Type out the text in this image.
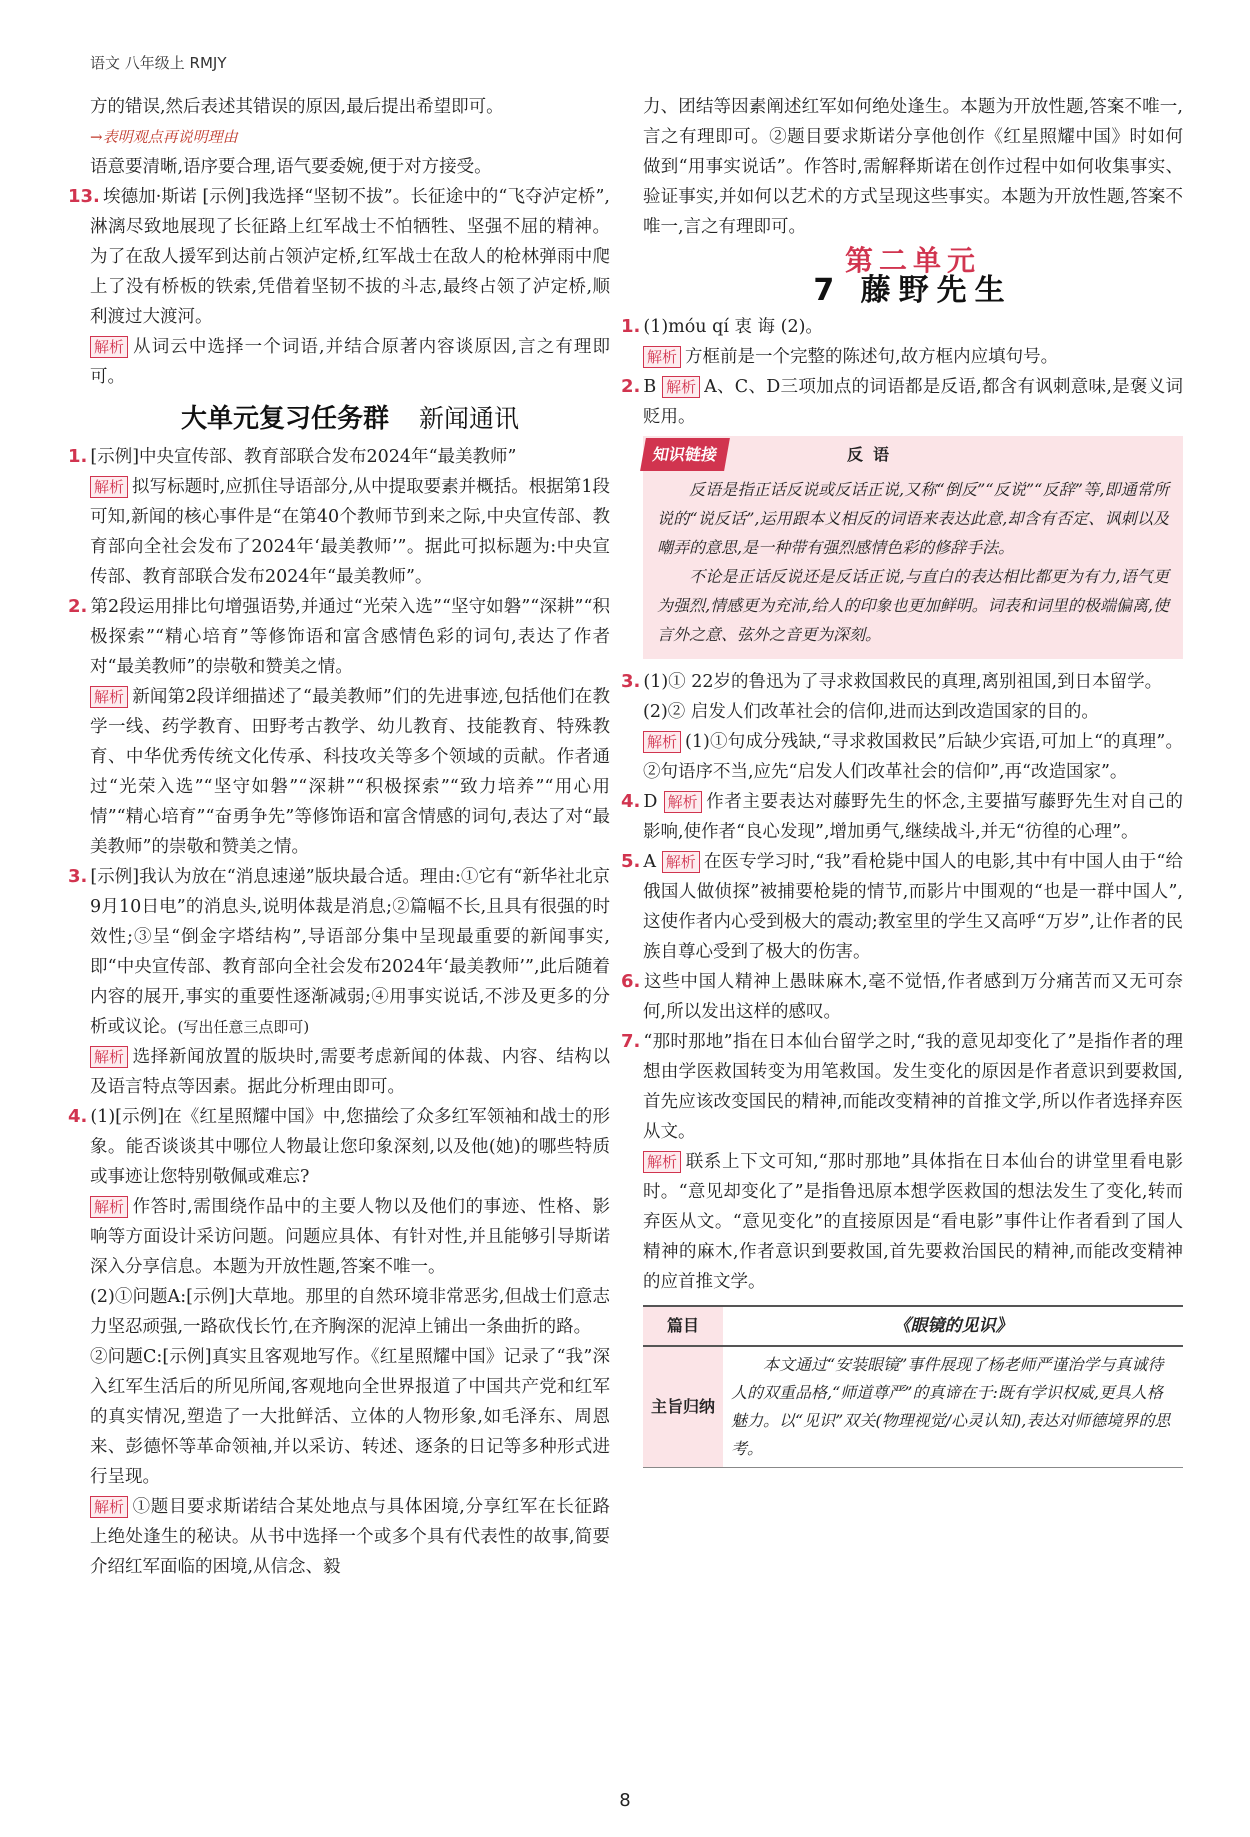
语文 八年级上 RMJY

方的错误,然后表述其错误的原因,最后提出希望即可。

→表明观点再说明理由

语意要清晰,语序要合理,语气要委婉,便于对方接受。

13. 埃德加·斯诺 [示例]我选择“坚韧不拔”。长征途中的“飞夺泸定桥”,淋漓尽致地展现了长征路上红军战士不怕牺牲、坚强不屈的精神。为了在敌人援军到达前占领泸定桥,红军战士在敌人的枪林弹雨中爬上了没有桥板的铁索,凭借着坚韧不拔的斗志,最终占领了泸定桥,顺利渡过大渡河。

解析 从词云中选择一个词语,并结合原著内容谈原因,言之有理即可。

大单元复习任务群 新闻通讯

1. [示例]中央宣传部、教育部联合发布2024年“最美教师”

解析 拟写标题时,应抓住导语部分,从中提取要素并概括。根据第1段可知,新闻的核心事件是“在第40个教师节到来之际,中央宣传部、教育部向全社会发布了2024年‘最美教师’”。据此可拟标题为:中央宣传部、教育部联合发布2024年“最美教师”。

2. 第2段运用排比句增强语势,并通过“光荣入选”“坚守如磐”“深耕”“积极探索”“精心培育”等修饰语和富含感情色彩的词句,表达了作者对“最美教师”的崇敬和赞美之情。

解析 新闻第2段详细描述了“最美教师”们的先进事迹,包括他们在教学一线、药学教育、田野考古教学、幼儿教育、技能教育、特殊教育、中华优秀传统文化传承、科技攻关等多个领域的贡献。作者通过“光荣入选”“坚守如磐”“深耕”“积极探索”“致力培养”“用心用情”“精心培育”“奋勇争先”等修饰语和富含情感的词句,表达了对“最美教师”的崇敬和赞美之情。

3. [示例]我认为放在“消息速递”版块最合适。理由:①它有“新华社北京9月10日电”的消息头,说明体裁是消息;②篇幅不长,且具有很强的时效性;③呈“倒金字塔结构”,导语部分集中呈现最重要的新闻事实,即“中央宣传部、教育部向全社会发布2024年‘最美教师’”,此后随着内容的展开,事实的重要性逐渐减弱;④用事实说话,不涉及更多的分析或议论。(写出任意三点即可)

解析 选择新闻放置的版块时,需要考虑新闻的体裁、内容、结构以及语言特点等因素。据此分析理由即可。

4. (1)[示例]在《红星照耀中国》中,您描绘了众多红军领袖和战士的形象。能否谈谈其中哪位人物最让您印象深刻,以及他(她)的哪些特质或事迹让您特别敬佩或难忘?

解析 作答时,需围绕作品中的主要人物以及他们的事迹、性格、影响等方面设计采访问题。问题应具体、有针对性,并且能够引导斯诺深入分享信息。本题为开放性题,答案不唯一。

(2)①问题A:[示例]大草地。那里的自然环境非常恶劣,但战士们意志力坚忍顽强,一路砍伐长竹,在齐胸深的泥淖上铺出一条曲折的路。

②问题C:[示例]真实且客观地写作。《红星照耀中国》记录了“我”深入红军生活后的所见所闻,客观地向全世界报道了中国共产党和红军的真实情况,塑造了一大批鲜活、立体的人物形象,如毛泽东、周恩来、彭德怀等革命领袖,并以采访、转述、逐条的日记等多种形式进行呈现。

解析 ①题目要求斯诺结合某处地点与具体困境,分享红军在长征路上绝处逢生的秘诀。从书中选择一个或多个具有代表性的故事,简要介绍红军面临的困境,从信念、毅

力、团结等因素阐述红军如何绝处逢生。本题为开放性题,答案不唯一,言之有理即可。②题目要求斯诺分享他创作《红星照耀中国》时如何做到“用事实说话”。作答时,需解释斯诺在创作过程中如何收集事实、验证事实,并如何以艺术的方式呈现这些事实。本题为开放性题,答案不唯一,言之有理即可。

第二单元
7 藤野先生

1. (1)móu qí 衷 诲 (2)。

解析 方框前是一个完整的陈述句,故方框内应填句号。

2. B 解析 A、C、D三项加点的词语都是反语,都含有讽刺意味,是褒义词贬用。

知识链接	反语

反语是指正话反说或反话正说,又称“倒反”“反说”“反辞”等,即通常所说的“说反话”,运用跟本义相反的词语来表达此意,却含有否定、讽刺以及嘲弄的意思,是一种带有强烈感情色彩的修辞手法。

不论是正话反说还是反话正说,与直白的表达相比都更为有力,语气更为强烈,情感更为充沛,给人的印象也更加鲜明。词表和词里的极端偏离,使言外之意、弦外之音更为深刻。

3. (1)① 22岁的鲁迅为了寻求救国救民的真理,离别祖国,到日本留学。

(2)② 启发人们改革社会的信仰,进而达到改造国家的目的。

解析 (1)①句成分残缺,“寻求救国救民”后缺少宾语,可加上“的真理”。②句语序不当,应先“启发人们改革社会的信仰”,再“改造国家”。

4. D 解析 作者主要表达对藤野先生的怀念,主要描写藤野先生对自己的影响,使作者“良心发现”,增加勇气,继续战斗,并无“彷徨的心理”。

5. A 解析 在医专学习时,“我”看枪毙中国人的电影,其中有中国人由于“给俄国人做侦探”被捕要枪毙的情节,而影片中围观的“也是一群中国人”,这使作者内心受到极大的震动;教室里的学生又高呼“万岁”,让作者的民族自尊心受到了极大的伤害。

6. 这些中国人精神上愚昧麻木,毫不觉悟,作者感到万分痛苦而又无可奈何,所以发出这样的感叹。

7. “那时那地”指在日本仙台留学之时,“我的意见却变化了”是指作者的理想由学医救国转变为用笔救国。发生变化的原因是作者意识到要救国,首先应该改变国民的精神,而能改变精神的首推文学,所以作者选择弃医从文。

解析 联系上下文可知,“那时那地”具体指在日本仙台的讲堂里看电影时。“意见却变化了”是指鲁迅原本想学医救国的想法发生了变化,转而弃医从文。“意见变化”的直接原因是“看电影”事件让作者看到了国人精神的麻木,作者意识到要救国,首先要救治国民的精神,而能改变精神的应首推文学。

篇目	《眼镜的见识》
主旨归纳	本文通过“安装眼镜”事件展现了杨老师严谨治学与真诚待人的双重品格,“师道尊严”的真谛在于:既有学识权威,更具人格魅力。以“见识”双关(物理视觉/心灵认知),表达对师德境界的思考。
8
